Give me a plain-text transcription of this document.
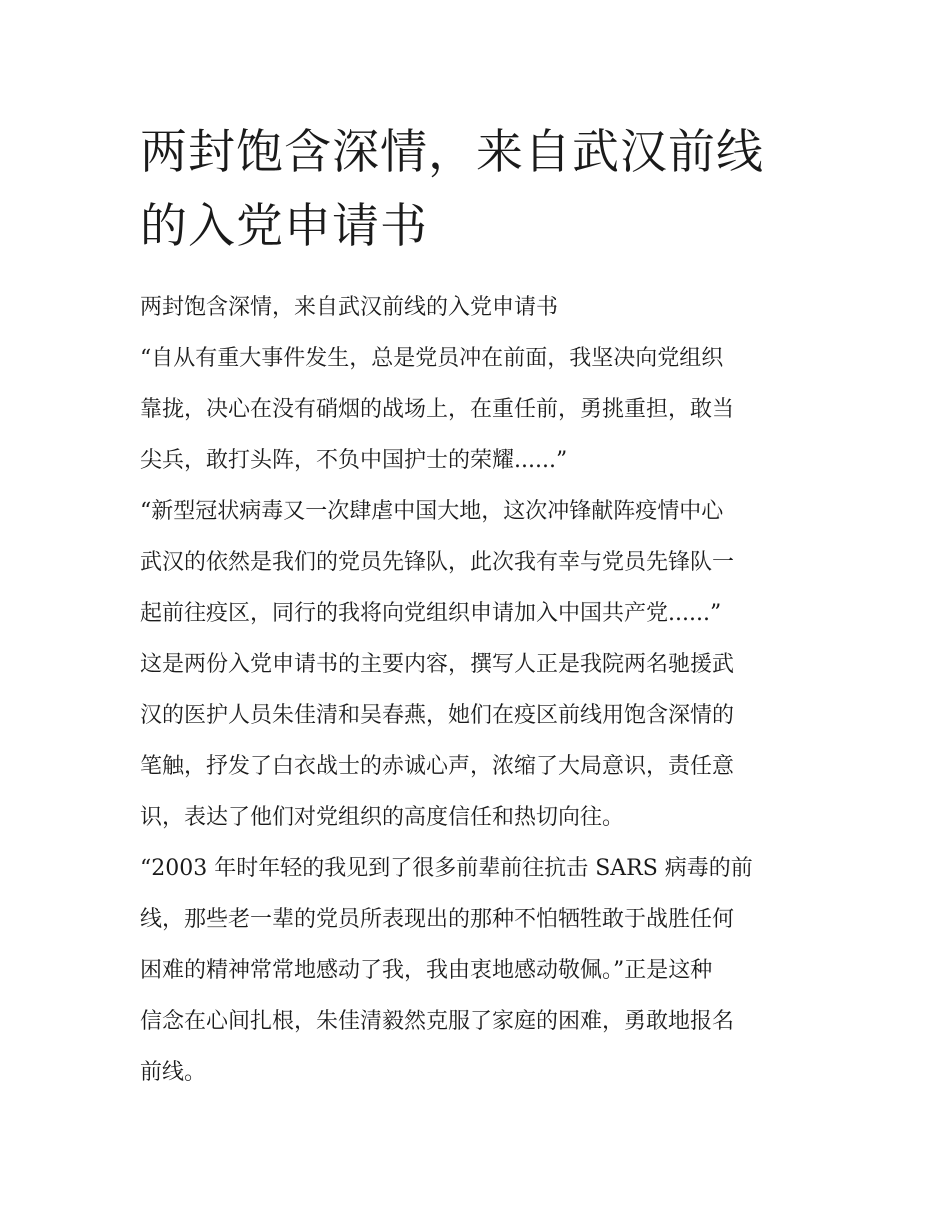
两封饱含深情，来自武汉前线
的入党申请书
两封饱含深情，来自武汉前线的入党申请书
“自从有重大事件发生，总是党员冲在前面，我坚决向党组织
靠拢，决心在没有硝烟的战场上，在重任前，勇挑重担，敢当
尖兵，敢打头阵，不负中国护士的荣耀......”
“新型冠状病毒又一次肆虐中国大地，这次冲锋献阵疫情中心
武汉的依然是我们的党员先锋队，此次我有幸与党员先锋队一
起前往疫区，同行的我将向党组织申请加入中国共产党......”
这是两份入党申请书的主要内容，撰写人正是我院两名驰援武
汉的医护人员朱佳清和吴春燕，她们在疫区前线用饱含深情的
笔触，抒发了白衣战士的赤诚心声，浓缩了大局意识，责任意
识，表达了他们对党组织的高度信任和热切向往。
“2003 年时年轻的我见到了很多前辈前往抗击 SARS 病毒的前
线，那些老一辈的党员所表现出的那种不怕牺牲敢于战胜任何
困难的精神常常地感动了我，我由衷地感动敬佩。”正是这种
信念在心间扎根，朱佳清毅然克服了家庭的困难，勇敢地报名
前线。
